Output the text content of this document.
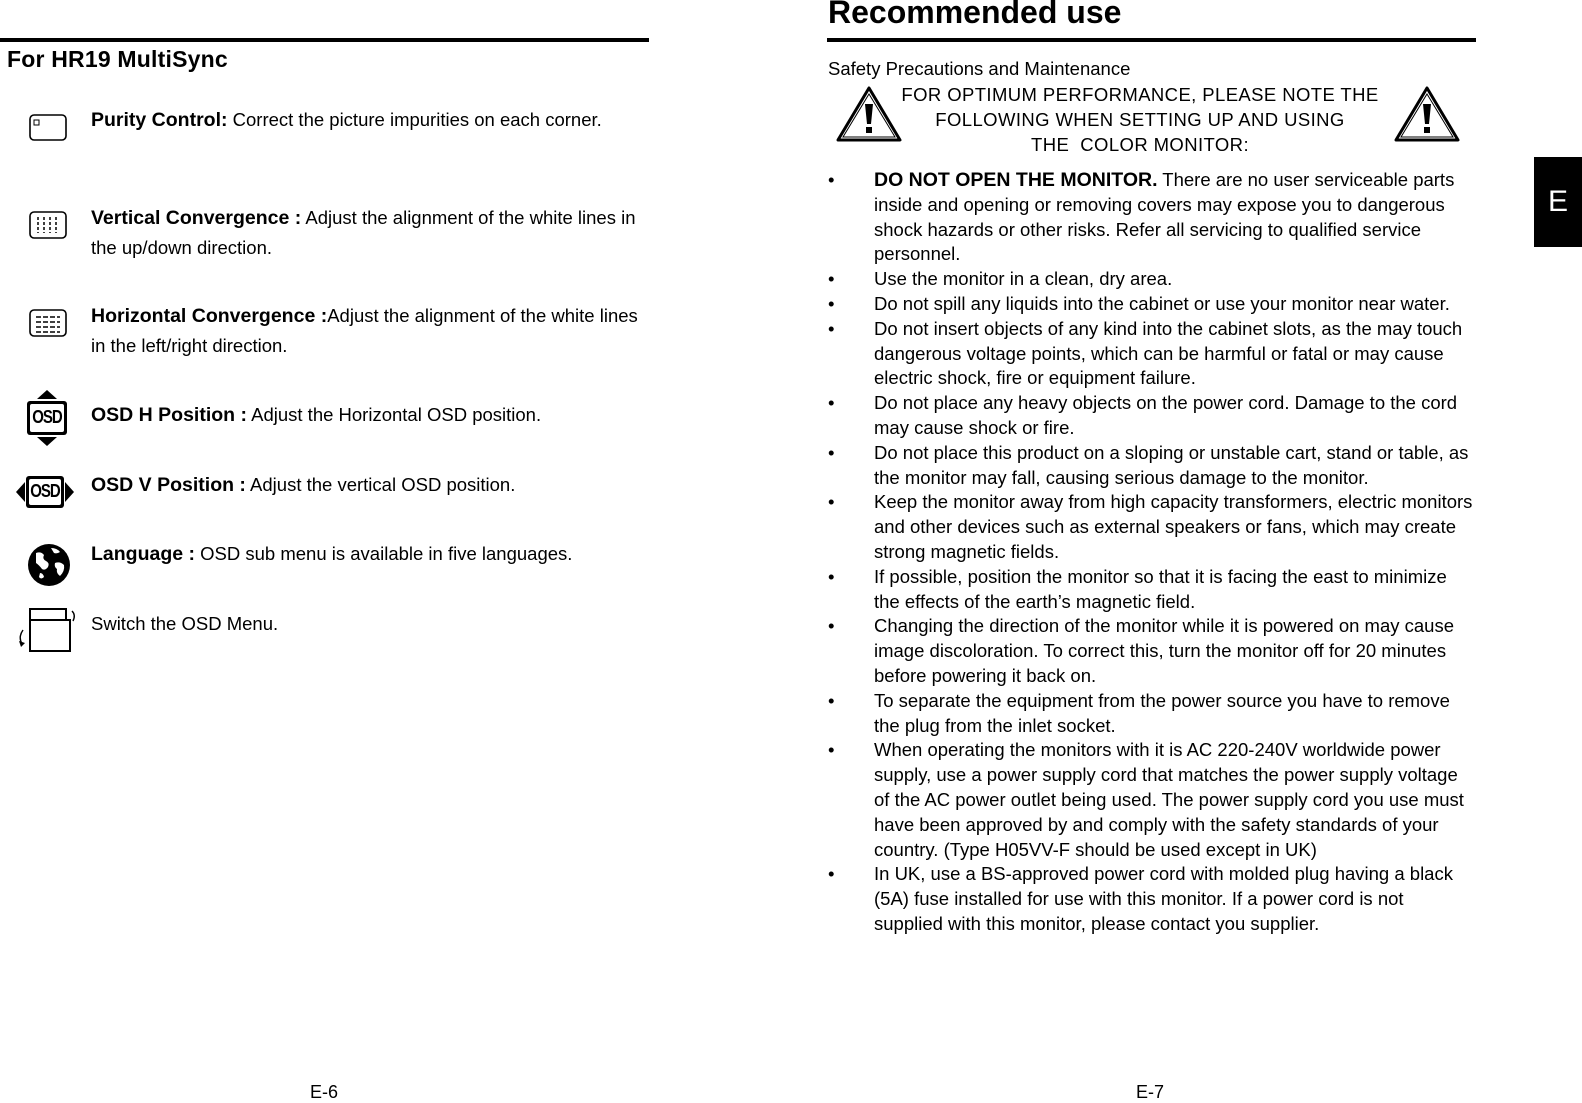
For HR19 MultiSync
Purity Control: Correct the picture impurities on each corner.
Vertical Convergence : Adjust the alignment of the white lines in the up/down direction.
Horizontal Convergence :Adjust the alignment of the white lines in the left/right direction.
OSD OSD H Position : Adjust the Horizontal OSD position.
OSD OSD V Position : Adjust the vertical OSD position.
Language : OSD sub menu is available in five languages.
Switch the OSD Menu.
E-6
Recommended use
Safety Precautions and Maintenance
FOR OPTIMUM PERFORMANCE, PLEASE NOTE THE
FOLLOWING WHEN SETTING UP AND USING
THE  COLOR MONITOR:
• DO NOT OPEN THE MONITOR. There are no user serviceable parts inside and opening or removing covers may expose you to dangerous shock hazards or other risks. Refer all servicing to qualified service personnel.
• Use the monitor in a clean, dry area.
• Do not spill any liquids into the cabinet or use your monitor near water.
• Do not insert objects of any kind into the cabinet slots, as the may touch dangerous voltage points, which can be harmful or fatal or may cause electric shock, fire or equipment failure.
• Do not place any heavy objects on the power cord. Damage to the cord may cause shock or fire.
• Do not place this product on a sloping or unstable cart, stand or table, as the monitor may fall, causing serious damage to the monitor.
• Keep the monitor away from high capacity transformers, electric monitors and other devices such as external speakers or fans, which may create strong magnetic fields.
• If possible, position the monitor so that it is facing the east to minimize the effects of the earth’s magnetic field.
• Changing the direction of the monitor while it is powered on may cause image discoloration. To correct this, turn the monitor off for 20 minutes before powering it back on.
• To separate the equipment from the power source you have to remove the plug from the inlet socket.
• When operating the monitors with it is AC 220-240V worldwide power supply, use a power supply cord that matches the power supply voltage of the AC power outlet being used. The power supply cord you use must have been approved by and comply with the safety standards of your country. (Type H05VV-F should be used except in UK)
• In UK, use a BS-approved power cord with molded plug having a black (5A) fuse installed for use with this monitor. If a power cord is not supplied with this monitor, please contact you supplier.
E-7
E
